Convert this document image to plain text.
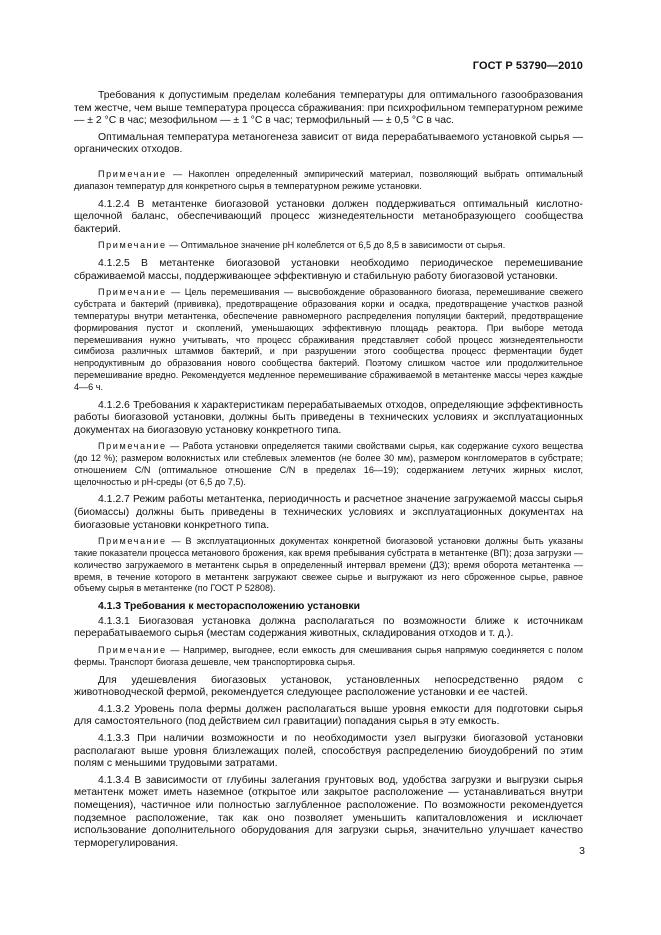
ГОСТ Р 53790—2010

Требования к допустимым пределам колебания температуры для оптимального газообразования тем жестче, чем выше температура процесса сбраживания: при психрофильном температурном режиме — ± 2 °С в час; мезофильном — ± 1 °С в час; термофильный — ± 0,5 °С в час.

Оптимальная температура метаногенеза зависит от вида перерабатываемого установкой сырья — органических отходов.

Примечание — Накоплен определенный эмпирический материал, позволяющий выбрать оптимальный диапазон температур для конкретного сырья в температурном режиме установки.

4.1.2.4 В метантенке биогазовой установки должен поддерживаться оптимальный кислотно-щелочной баланс, обеспечивающий процесс жизнедеятельности метанобразующего сообщества бактерий.

Примечание — Оптимальное значение pH колеблется от 6,5 до 8,5 в зависимости от сырья.

4.1.2.5 В метантенке биогазовой установки необходимо периодическое перемешивание сбраживаемой массы, поддерживающее эффективную и стабильную работу биогазовой установки.

Примечание — Цель перемешивания — высвобождение образованного биогаза, перемешивание свежего субстрата и бактерий (прививка), предотвращение образования корки и осадка, предотвращение участков разной температуры внутри метантенка, обеспечение равномерного распределения популяции бактерий, предотвращение формирования пустот и скоплений, уменьшающих эффективную площадь реактора. При выборе метода перемешивания нужно учитывать, что процесс сбраживания представляет собой процесс жизнедеятельности симбиоза различных штаммов бактерий, и при разрушении этого сообщества процесс ферментации будет непродуктивным до образования нового сообщества бактерий. Поэтому слишком частое или продолжительное перемешивание вредно. Рекомендуется медленное перемешивание сбраживаемой в метантенке массы через каждые 4—6 ч.

4.1.2.6 Требования к характеристикам перерабатываемых отходов, определяющие эффективность работы биогазовой установки, должны быть приведены в технических условиях и эксплуатационных документах на биогазовую установку конкретного типа.

Примечание — Работа установки определяется такими свойствами сырья, как содержание сухого вещества (до 12 %); размером волокнистых или стеблевых элементов (не более 30 мм), размером конгломератов в субстрате; отношением C/N (оптимальное отношение C/N в пределах 16—19); содержанием летучих жирных кислот, щелочностью и pH-среды (от 6,5 до 7,5).

4.1.2.7 Режим работы метантенка, периодичность и расчетное значение загружаемой массы сырья (биомассы) должны быть приведены в технических условиях и эксплуатационных документах на биогазовые установки конкретного типа.

Примечание — В эксплуатационных документах конкретной биогазовой установки должны быть указаны такие показатели процесса метанового брожения, как время пребывания субстрата в метантенке (ВП); доза загрузки — количество загружаемого в метантенк сырья в определенный интервал времени (ДЗ); время оборота метантенка — время, в течение которого в метантенк загружают свежее сырье и выгружают из него сброженное сырье, равное объему сырья в метантенке (по ГОСТ Р 52808).

4.1.3 Требования к месторасположению установки

4.1.3.1 Биогазовая установка должна располагаться по возможности ближе к источникам перерабатываемого сырья (местам содержания животных, складирования отходов и т. д.).

Примечание — Например, выгоднее, если емкость для смешивания сырья напрямую соединяется с полом фермы. Транспорт биогаза дешевле, чем транспортировка сырья.

Для удешевления биогазовых установок, установленных непосредственно рядом с животноводческой фермой, рекомендуется следующее расположение установки и ее частей.

4.1.3.2 Уровень пола фермы должен располагаться выше уровня емкости для подготовки сырья для самостоятельного (под действием сил гравитации) попадания сырья в эту емкость.

4.1.3.3 При наличии возможности и по необходимости узел выгрузки биогазовой установки располагают выше уровня близлежащих полей, способствуя распределению биоудобрений по этим полям с меньшими трудовыми затратами.

4.1.3.4 В зависимости от глубины залегания грунтовых вод, удобства загрузки и выгрузки сырья метантенк может иметь наземное (открытое или закрытое расположение — устанавливаться внутри помещения), частичное или полностью заглубленное расположение. По возможности рекомендуется подземное расположение, так как оно позволяет уменьшить капиталовложения и исключает использование дополнительного оборудования для загрузки сырья, значительно улучшает качество терморегулирования.

3
